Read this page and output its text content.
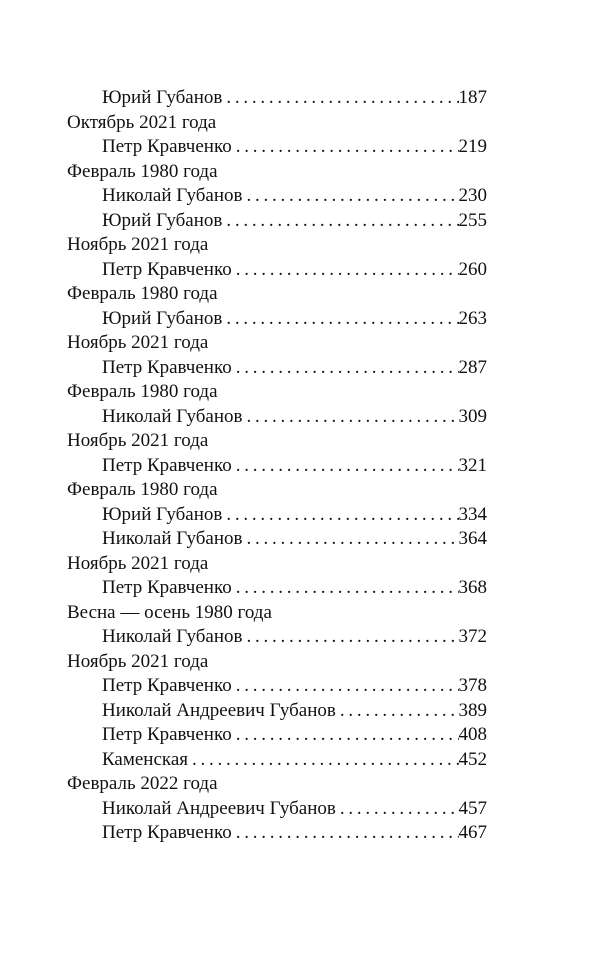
Юрий Губанов . . .	187
Октябрь 2021 года
Петр Кравченко . . .	219
Февраль 1980 года
Николай Губанов . . .	230
Юрий Губанов . . .	255
Ноябрь 2021 года
Петр Кравченко . . .	260
Февраль 1980 года
Юрий Губанов . . .	263
Ноябрь 2021 года
Петр Кравченко . . .	287
Февраль 1980 года
Николай Губанов . . .	309
Ноябрь 2021 года
Петр Кравченко . . .	321
Февраль 1980 года
Юрий Губанов . . .	334
Николай Губанов . . .	364
Ноябрь 2021 года
Петр Кравченко . . .	368
Весна — осень 1980 года
Николай Губанов . . .	372
Ноябрь 2021 года
Петр Кравченко . . .	378
Николай Андреевич Губанов . . .	389
Петр Кравченко . . .	408
Каменская . . .	452
Февраль 2022 года
Николай Андреевич Губанов . . .	457
Петр Кравченко . . .	467
